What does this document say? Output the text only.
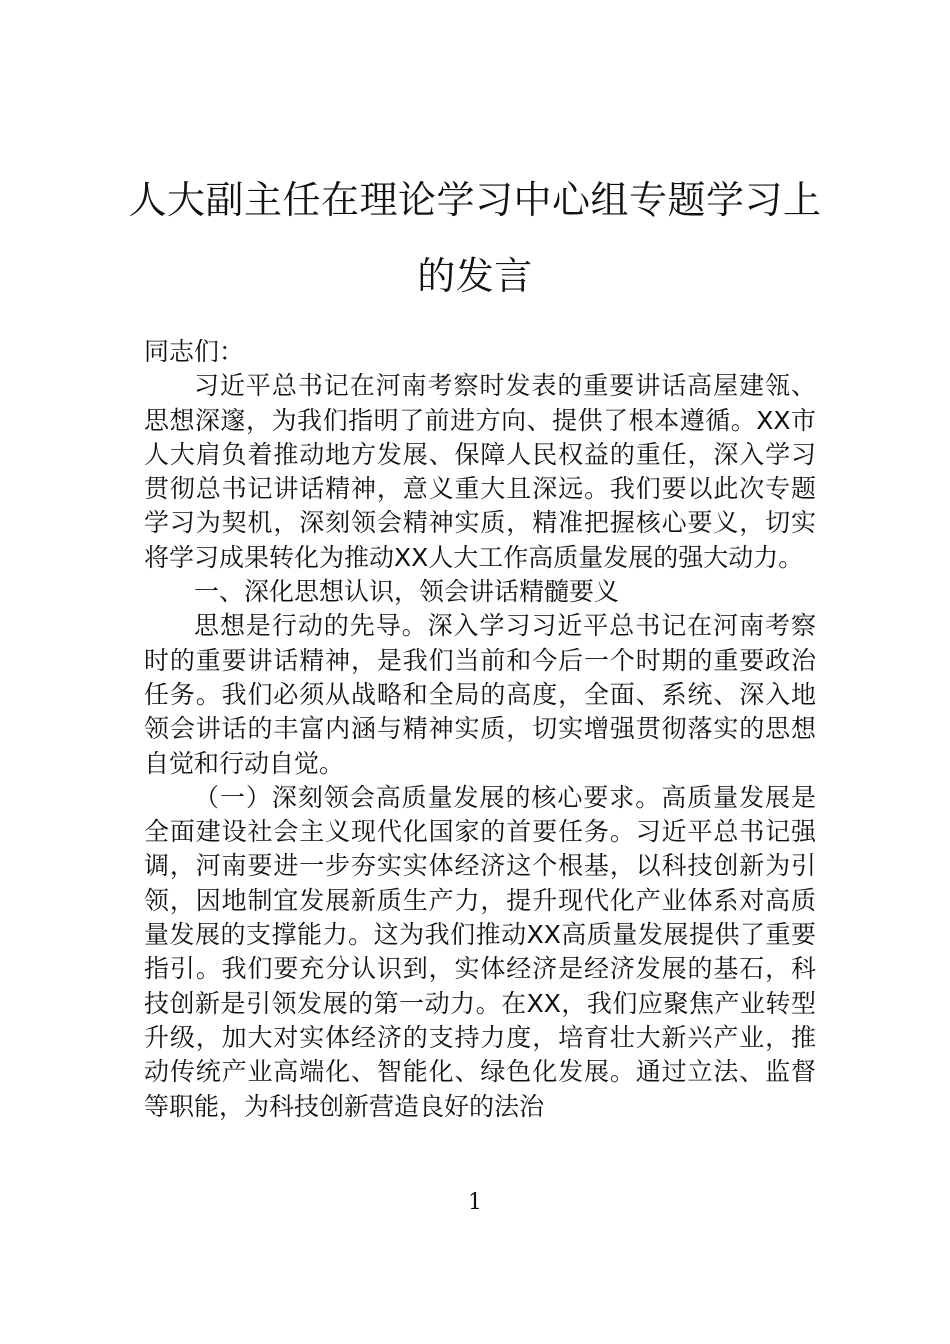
人大副主任在理论学习中心组专题学习上的发言

同志们：

习近平总书记在河南考察时发表的重要讲话高屋建瓴、思想深邃，为我们指明了前进方向、提供了根本遵循。XX市人大肩负着推动地方发展、保障人民权益的重任，深入学习贯彻总书记讲话精神，意义重大且深远。我们要以此次专题学习为契机，深刻领会精神实质，精准把握核心要义，切实将学习成果转化为推动XX人大工作高质量发展的强大动力。

一、深化思想认识，领会讲话精髓要义

思想是行动的先导。深入学习习近平总书记在河南考察时的重要讲话精神，是我们当前和今后一个时期的重要政治任务。我们必须从战略和全局的高度，全面、系统、深入地领会讲话的丰富内涵与精神实质，切实增强贯彻落实的思想自觉和行动自觉。

（一）深刻领会高质量发展的核心要求。高质量发展是全面建设社会主义现代化国家的首要任务。习近平总书记强调，河南要进一步夯实实体经济这个根基，以科技创新为引领，因地制宜发展新质生产力，提升现代化产业体系对高质量发展的支撑能力。这为我们推动XX高质量发展提供了重要指引。我们要充分认识到，实体经济是经济发展的基石，科技创新是引领发展的第一动力。在XX，我们应聚焦产业转型升级，加大对实体经济的支持力度，培育壮大新兴产业，推动传统产业高端化、智能化、绿色化发展。通过立法、监督等职能，为科技创新营造良好的法治

1
